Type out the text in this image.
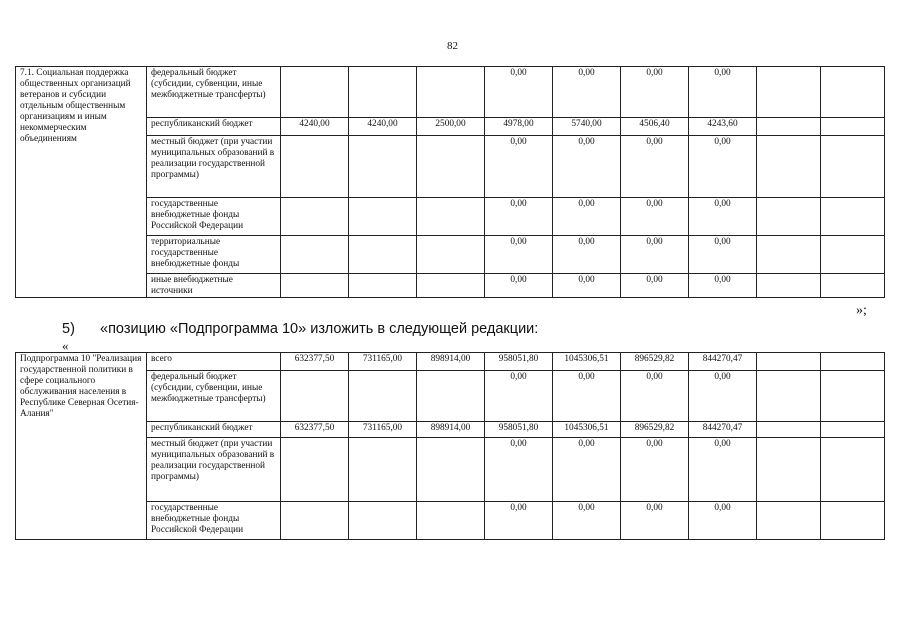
82
7.1. Социальная поддержка общественных организаций ветеранов и субсидии отдельным общественным организациям и иным некоммерческим объединениям	федеральный бюджет (субсидии, субвенции, иные межбюджетные трансферты)				0,00	0,00	0,00	0,00		
	республиканский бюджет	4240,00	4240,00	2500,00	4978,00	5740,00	4506,40	4243,60		
	местный бюджет (при участии муниципальных образований в реализации государственной программы)				0,00	0,00	0,00	0,00		
	государственные внебюджетные фонды Российской Федерации				0,00	0,00	0,00	0,00		
	территориальные государственные внебюджетные фонды				0,00	0,00	0,00	0,00		
	иные внебюджетные источники				0,00	0,00	0,00	0,00		
»;
5) «позицию «Подпрограмма 10» изложить в следующей редакции:
«
Подпрограмма 10 "Реализация государственной политики в сфере социального обслуживания населения в Республике Северная Осетия-Алания"	всего	632377,50	731165,00	898914,00	958051,80	1045306,51	896529,82	844270,47		
	федеральный бюджет (субсидии, субвенции, иные межбюджетные трансферты)				0,00	0,00	0,00	0,00		
	республиканский бюджет	632377,50	731165,00	898914,00	958051,80	1045306,51	896529,82	844270,47		
	местный бюджет (при участии муниципальных образований в реализации государственной программы)				0,00	0,00	0,00	0,00		
	государственные внебюджетные фонды Российской Федерации				0,00	0,00	0,00	0,00		
